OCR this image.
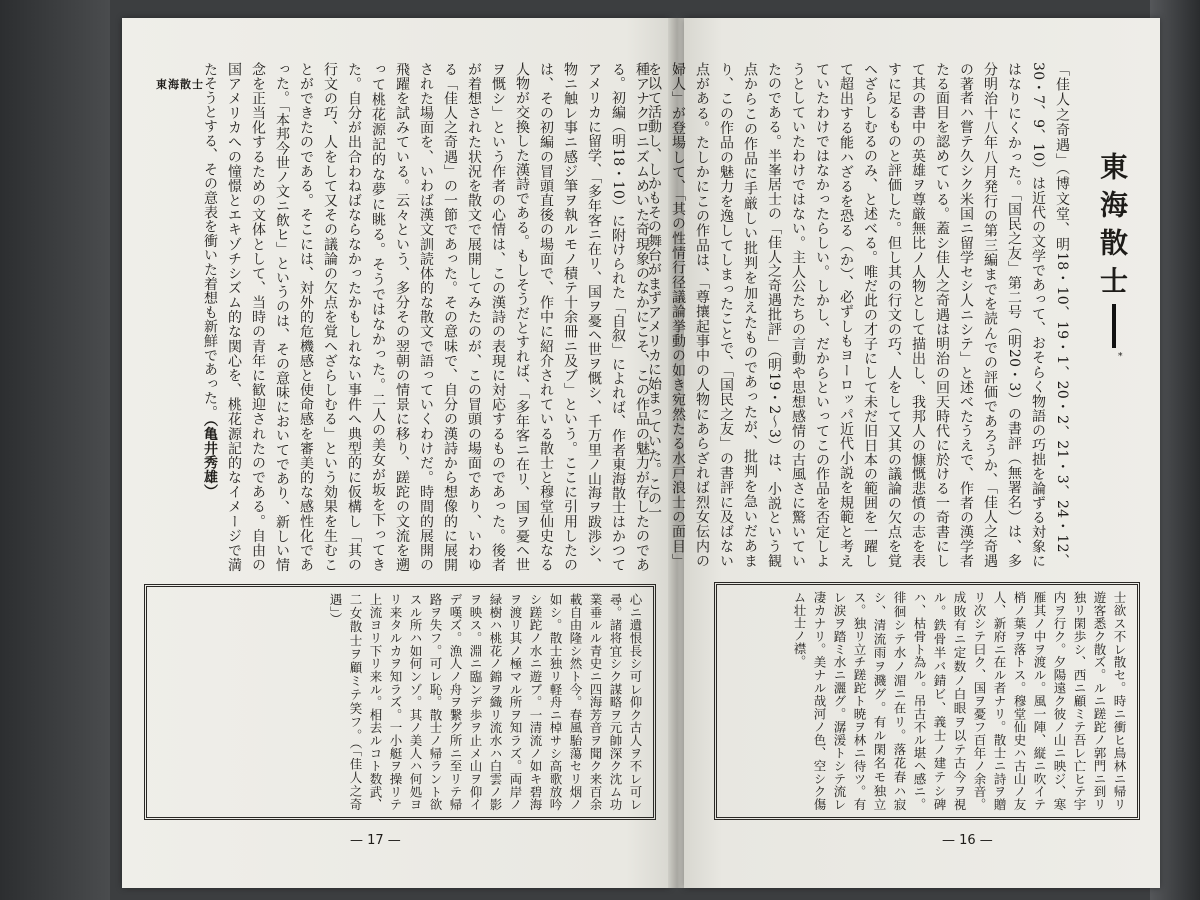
東海散士	種アナクロニズムめいた奇現象のなかにこそ、この作品の魅力が存したのである。初編（明18・10）に附けられた「自叙」によれば、作者東海散士はかつてアメリカに留学、「多年客ニ在リ、国ヲ憂ヘ世ヲ慨シ、千万里ノ山海ヲ跋渉シ、物ニ触レ事ニ感ジ筆ヲ執ルモノ積テ十余冊ニ及ブ」という。ここに引用したのは、その初編の冒頭直後の場面で、作中に紹介されている散士と穆堂仙史なる人物が交換した漢詩である。もしそうだとすれば、「多年客ニ在リ、国ヲ憂ヘ世ヲ慨シ」という作者の心情は、この漢詩の表現に対応するものであった。後者が着想された状況を散文で展開してみたのが、この冒頭の場面であり、いわゆる「佳人之奇遇」の一節であった。その意味で、自分の漢詩から想像的に展開された場面を、いわば漢文訓読体的な散文で語っていくわけだ。時間的展開の飛躍を試みている。云々という、多分その翌朝の情景に移り、蹉跎の文流を遡って桃花源記的な夢に眺る。そうではなかった。二人の美女が坂を下ってきた。自分が出合わねばならなかったかもしれない事件へ典型的に仮構し「其の行文の巧、人をして又その議論の欠点を覚ヘざらしむる」という効果を生むことができたのである。そこには、対外的危機感と使命感を審美的な感性化であった。「本邦今世ノ文ニ飲ヒ」というのは、その意味においてであり、新しい情念を正当化するための文体として、当時の青年に歓迎されたのである。自由の国アメリカへの憧憬とエキゾチシズム的な関心を、桃花源記的なイメージで満たそうとする、その意表を衝いた着想も新鮮であった。（亀井秀雄）
心ニ遺恨長シ可レ仰ク古人ヲ不レ可レ尋。諸将宜シク謀略ヲ元帥深ク沈ム功業垂ルル青史ニ四海芳音ヲ聞ク来百余載自由隆シ然ト今。春風駘蕩セリ烟ノ如シ。散士独リ軽舟ニ棹サシ高歌放吟シ蹉跎ノ水ニ遊ブ。一清流ノ如キ碧海ヲ渡リ其ノ極マル所ヲ知ラズ。両岸ノ緑樹ハ桃花ノ錦ヲ織リ流水ハ白雲ノ影ヲ映ス。淵ニ臨ンデ歩ヲ止メ山ヲ仰イデ嘆ズ。漁人ノ舟ヲ繋グ所ニ至リテ帰路ヲ失フ。可レ恥。散士ノ帰ラント欲スル所ハ如何ンゾ。其ノ美人ハ何処ヨリ来タルカヲ知ラズ。一小艇ヲ操リテ上流ヨリ下リ来ル。相去ルコト数武、二女散士ヲ顧ミテ笑フ。（「佳人之奇遇」）
— 17 —
東海散士
*
「佳人之奇遇」（博文堂、明18・10、19・1、20・2、21・3、24・12、30・7、9、10）は近代の文学であって、おそらく物語の巧拙を論ずる対象にはなりにくかった。「国民之友」第二号（明20・3）の書評（無署名）は、多分明治十八年八月発行の第三編までを読んでの評価であろうか、「佳人之奇遇の著者ハ嘗テ久シク米国ニ留学セシ人ニシテ」と述べたうえで、作者の漢学者たる面目を認めている。蓋シ佳人之奇遇は明治の回天時代に於ける一奇書にして其の書中の英雄ヲ尊厳無比ノ人物として描出し、我邦人の慷慨悲憤の志を表すに足るものと評価した。但し其の行文の巧、人をして又其の議論の欠点を覚ヘざらしむるのみ、と述べる。唯だ此の才子にして未だ旧日本の範囲を一躍して超出する能ハざるを恐る（か）、必ずしもヨーロッパ近代小説を規範と考えていたわけではなかったらしい。しかし、だからといってこの作品を否定しようとしていたわけではない。主人公たちの言動や思想感情の古風さに驚いていたのである。半峯居士の「佳人之奇遇批評」（明19・2〜3）は、小説という観点からこの作品に手厳しい批判を加えたものであったが、批判を急いだあまり、この作品の魅力を逸してしまったことで、「国民之友」の書評に及ばない点がある。たしかにこの作品は、「尊攘起事中の人物にあらざれば烈女伝内の婦人」が登場して、「其の性情行径議論挙動の如き宛然たる水戸浪士の面目」を以て活動し、しかもその舞台がまずアメリカに始まっていた。この一
士欲ス不レ散セ。時ニ衝ヒ鳥林ニ帰リ遊客悉ク散ズ。ルニ蹉跎ノ郭門ニ到リ独リ閑歩シ、西ニ顧ミテ吾レ亡ヒテ宇内ヲ行ク。夕陽遠ク彼ノ山ニ映ジ、寒雁其ノ中ヲ渡ル。風一陣、縦ニ吹イテ梢ノ葉ヲ落トス。穆堂仙史ハ古山ノ友人、新府ニ在ル者ナリ。散士ニ詩ヲ贈リ次シテ曰ク、国ヲ憂フ百年ノ余音。成敗有ニ定数ノ白眼ヲ以テ古今ヲ視ル。鉄骨半バ錆ビ、義士ノ建テシ碑ハ、枯骨ト為ル。吊古不ル堪ヘ感ニ。徘徊シテ水ノ湄ニ在リ。落花春ハ寂シ、清流雨ヲ濺グ。有ル閑名モ独立ス。独リ立チ蹉跎ト暁ヲ林ニ待ツ。有レ涙ヲ踏ミ水ニ灑グ。潺湲トシテ流レ凄カナリ。美ナル哉河ノ色、空シク傷ム壮士ノ襟。
— 16 —
